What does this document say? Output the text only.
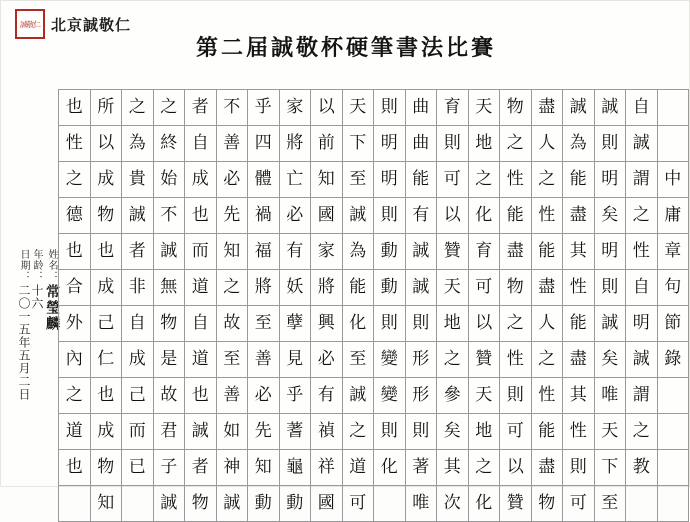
誠敬仁 北京誠敬仁
第二届誠敬杯硬筆書法比賽
姓名：
常瑩麟
年龄：
十六
日期：
二〇一五年五月二日
也	所	之	之	者	不	乎	家	以	天	則	曲	育	天	物	盡	誠	誠	自	
性	以	為	終	自	善	四	將	前	下	明	曲	則	地	之	人	為	則	誠	
之	成	貴	始	成	必	體	亡	知	至	明	能	可	之	性	之	能	明	謂	中
德	物	誠	不	也	先	禍	必	國	誠	則	有	以	化	能	性	盡	矣	之	庸
也	也	者	誠	而	知	福	有	家	為	動	誠	贊	育	盡	能	其	明	性	章
合	成	非	無	道	之	將	妖	將	能	動	誠	天	可	物	盡	性	則	自	句
外	己	自	物	自	故	至	孽	興	化	則	則	地	以	之	人	能	誠	明	節
內	仁	成	是	道	至	善	見	必	至	變	形	之	贊	性	之	盡	矣	誠	錄
之	也	己	故	也	善	必	乎	有	誠	變	形	參	天	則	性	其	唯	謂	
道	成	而	君	誠	如	先	蓍	禎	之	則	則	矣	地	可	能	性	天	之	
也	物	已	子	者	神	知	龜	祥	道	化	著	其	之	以	盡	則	下	教	
	知		誠	物	誠	動	動	國	可		唯	次	化	贊	物	可	至		
